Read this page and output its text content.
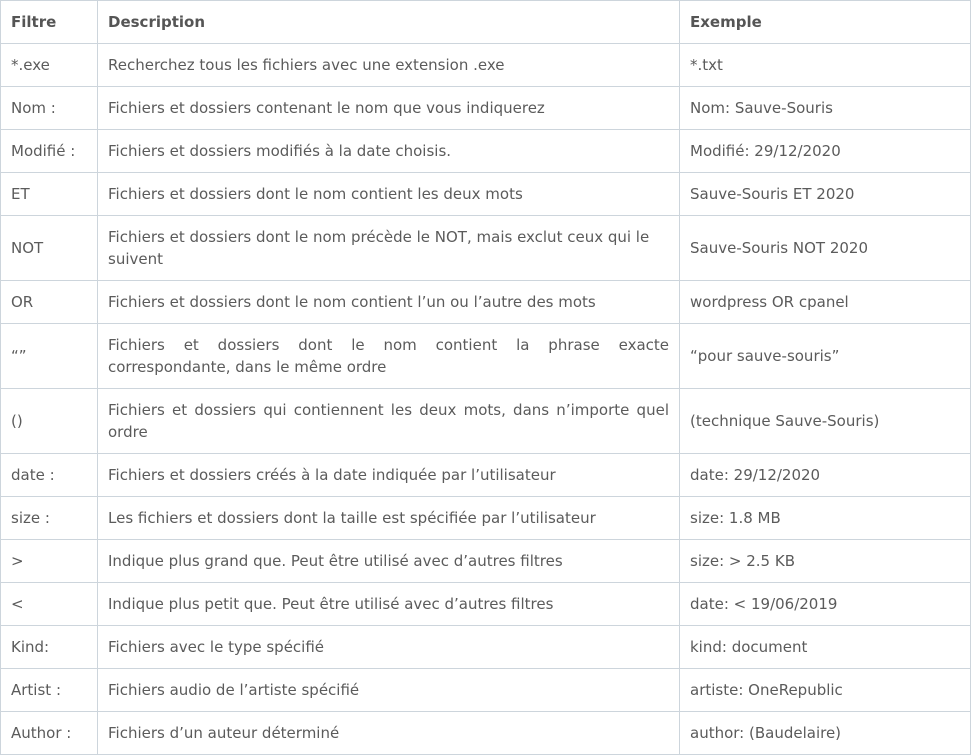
Filtre	Description	Exemple
*.exe	Recherchez tous les fichiers avec une extension .exe	*.txt
Nom :	Fichiers et dossiers contenant le nom que vous indiquerez	Nom: Sauve-Souris
Modifié :	Fichiers et dossiers modifiés à la date choisis.	Modifié: 29/12/2020
ET	Fichiers et dossiers dont le nom contient les deux mots	Sauve-Souris ET 2020
NOT	Fichiers et dossiers dont le nom précède le NOT, mais exclut ceux qui le suivent	Sauve-Souris NOT 2020
OR	Fichiers et dossiers dont le nom contient l’un ou l’autre des mots	wordpress OR cpanel
“”	Fichiers et dossiers dont le nom contient la phrase exacte correspondante, dans le même ordre	“pour sauve-souris”
()	Fichiers et dossiers qui contiennent les deux mots, dans n’importe quel ordre	(technique Sauve-Souris)
date :	Fichiers et dossiers créés à la date indiquée par l’utilisateur	date: 29/12/2020
size :	Les fichiers et dossiers dont la taille est spécifiée par l’utilisateur	size: 1.8 MB
>	Indique plus grand que. Peut être utilisé avec d’autres filtres	size: > 2.5 KB
<	Indique plus petit que. Peut être utilisé avec d’autres filtres	date: < 19/06/2019
Kind:	Fichiers avec le type spécifié	kind: document
Artist :	Fichiers audio de l’artiste spécifié	artiste: OneRepublic
Author :	Fichiers d’un auteur déterminé	author: (Baudelaire)
